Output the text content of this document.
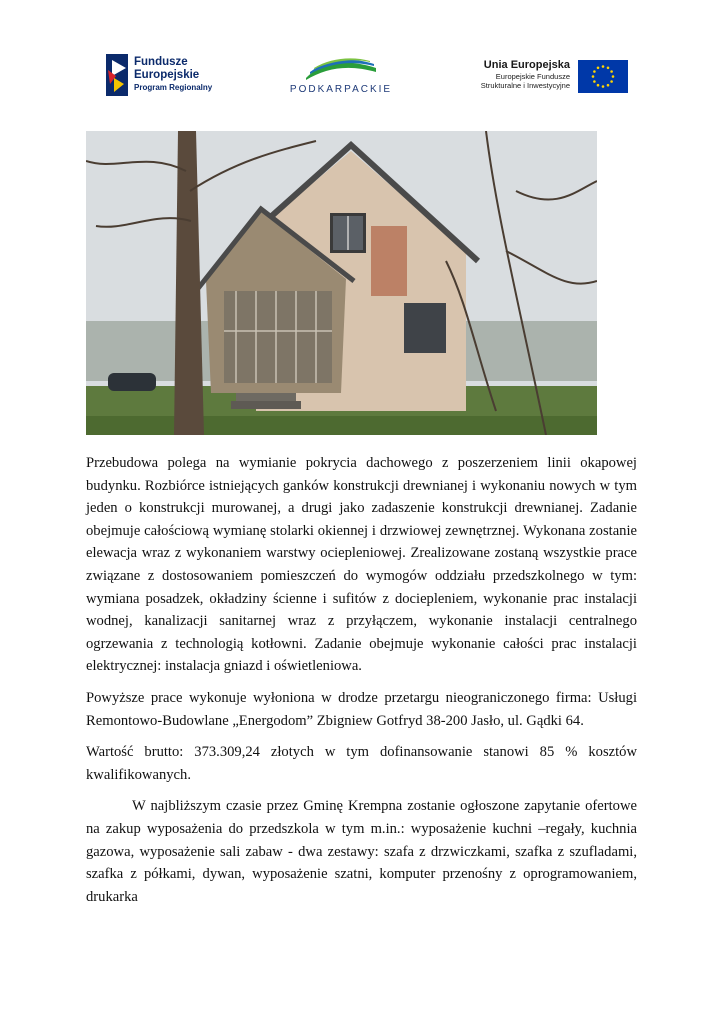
Fundusze
Europejskie
Program Regionalny	PODKARPACKIE
Unia Europejska
Europejskie Fundusze
Strukturalne i Inwestycyjne

Przebudowa polega na wymianie pokrycia dachowego z poszerzeniem linii okapowej budynku. Rozbiórce istniejących ganków konstrukcji drewnianej i wykonaniu nowych w tym jeden o konstrukcji murowanej, a drugi jako zadaszenie konstrukcji drewnianej. Zadanie obejmuje całościową wymianę stolarki okiennej i drzwiowej zewnętrznej. Wykonana zostanie elewacja wraz z wykonaniem warstwy ociepleniowej. Zrealizowane zostaną wszystkie prace związane z dostosowaniem pomieszczeń do wymogów oddziału przedszkolnego w tym: wymiana posadzek, okładziny ścienne i sufitów z dociepleniem, wykonanie prac instalacji wodnej, kanalizacji sanitarnej wraz z przyłączem, wykonanie instalacji centralnego ogrzewania z technologią kotłowni. Zadanie obejmuje wykonanie całości prac instalacji elektrycznej: instalacja gniazd i oświetleniowa.

Powyższe prace wykonuje wyłoniona w drodze przetargu nieograniczonego firma: Usługi Remontowo-Budowlane „Energodom” Zbigniew Gotfryd 38-200 Jasło, ul. Gądki 64.

Wartość brutto: 373.309,24 złotych w tym dofinansowanie stanowi 85 % kosztów kwalifikowanych.

W najbliższym czasie przez Gminę Krempna zostanie ogłoszone zapytanie ofertowe na zakup wyposażenia do przedszkola w tym m.in.: wyposażenie kuchni –regały, kuchnia gazowa, wyposażenie sali zabaw - dwa zestawy: szafa z drzwiczkami, szafka z szufladami, szafka z półkami, dywan, wyposażenie szatni, komputer przenośny z oprogramowaniem, drukarka
